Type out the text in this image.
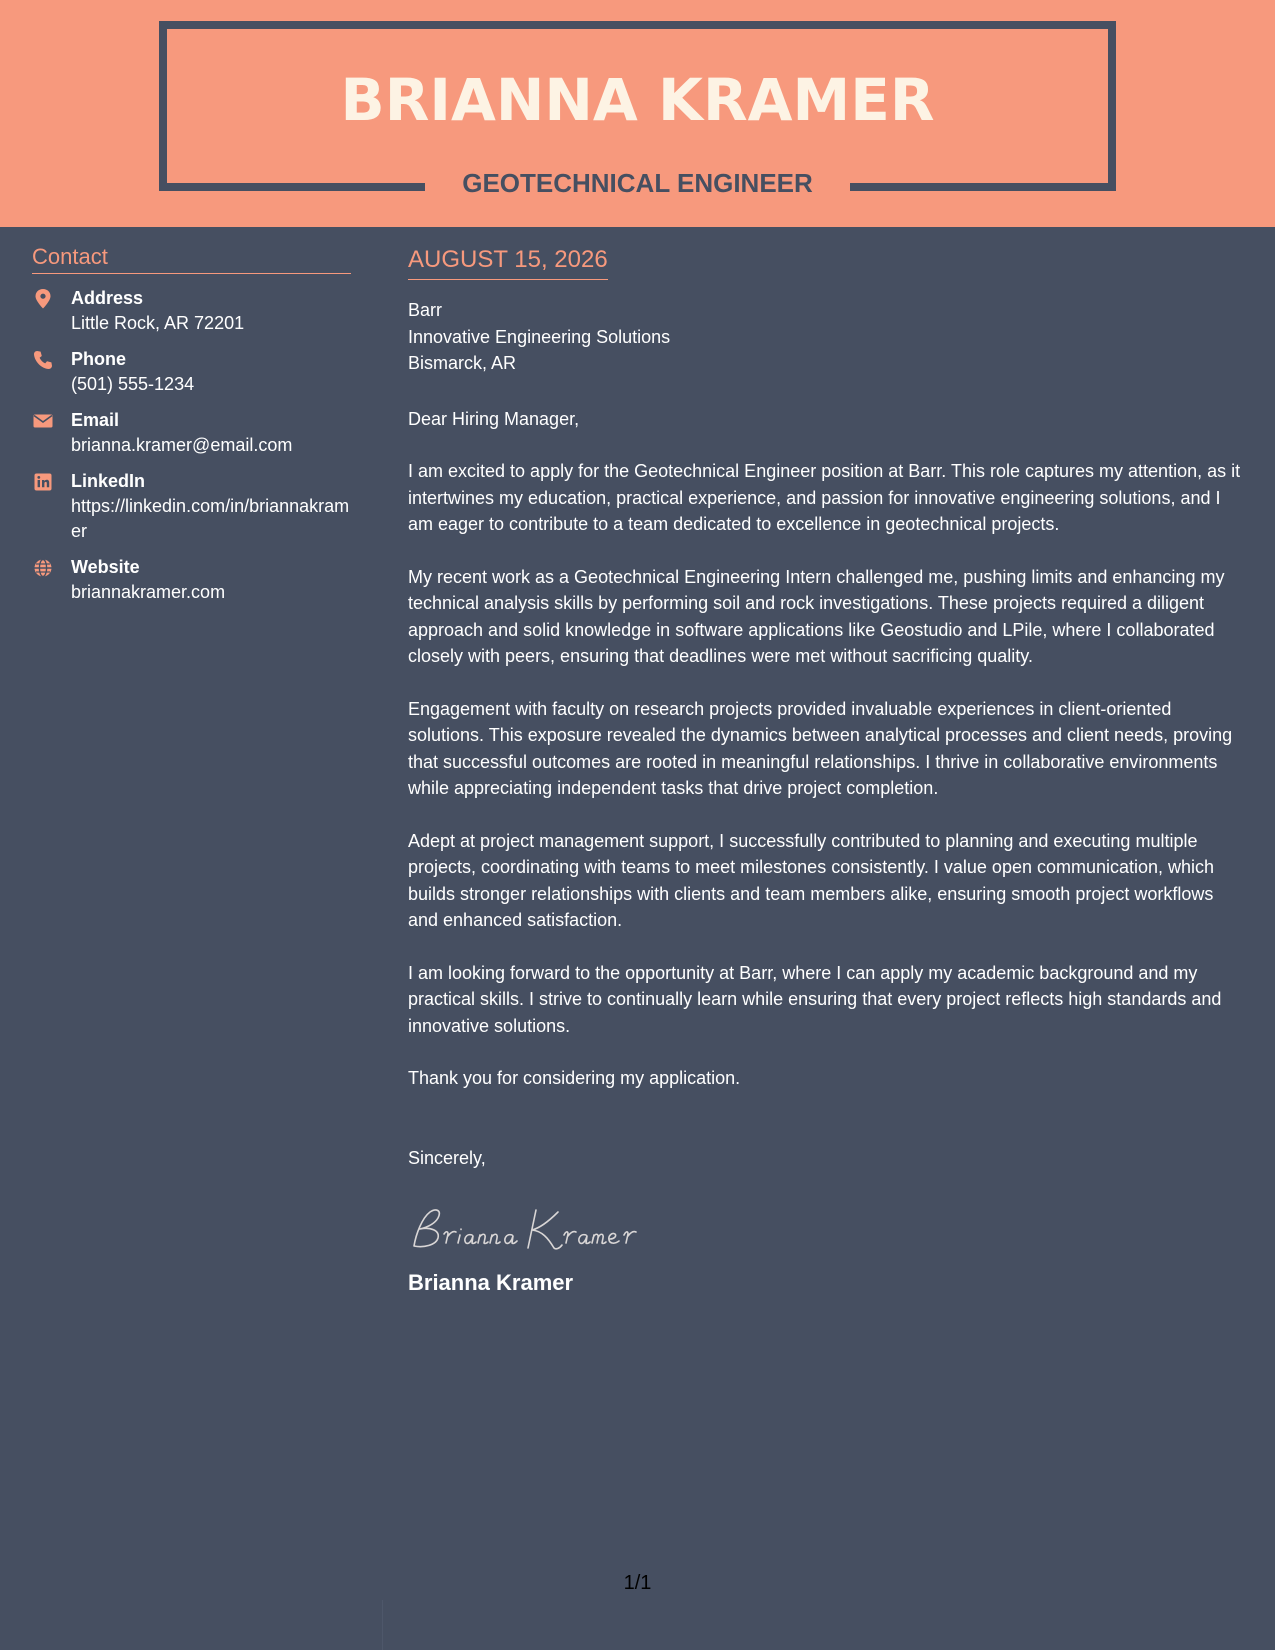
BRIANNA KRAMER
GEOTECHNICAL ENGINEER
Contact
Address
Little Rock, AR 72201
Phone
(501) 555-1234
Email
brianna.kramer@email.com
LinkedIn
https://linkedin.com/in/briannakramer
Website
briannakramer.com
AUGUST 15, 2026

Barr

Innovative Engineering Solutions

Bismarck, AR

Dear Hiring Manager,

I am excited to apply for the Geotechnical Engineer position at Barr. This role captures my attention, as it intertwines my education, practical experience, and passion for innovative engineering solutions, and I am eager to contribute to a team dedicated to excellence in geotechnical projects.

My recent work as a Geotechnical Engineering Intern challenged me, pushing limits and enhancing my technical analysis skills by performing soil and rock investigations. These projects required a diligent approach and solid knowledge in software applications like Geostudio and LPile, where I collaborated closely with peers, ensuring that deadlines were met without sacrificing quality.

Engagement with faculty on research projects provided invaluable experiences in client-oriented solutions. This exposure revealed the dynamics between analytical processes and client needs, proving that successful outcomes are rooted in meaningful relationships. I thrive in collaborative environments while appreciating independent tasks that drive project completion.

Adept at project management support, I successfully contributed to planning and executing multiple projects, coordinating with teams to meet milestones consistently. I value open communication, which builds stronger relationships with clients and team members alike, ensuring smooth project workflows and enhanced satisfaction.

I am looking forward to the opportunity at Barr, where I can apply my academic background and my practical skills. I strive to continually learn while ensuring that every project reflects high standards and innovative solutions.

Thank you for considering my application.

Sincerely,

Brianna Kramer
1/1
